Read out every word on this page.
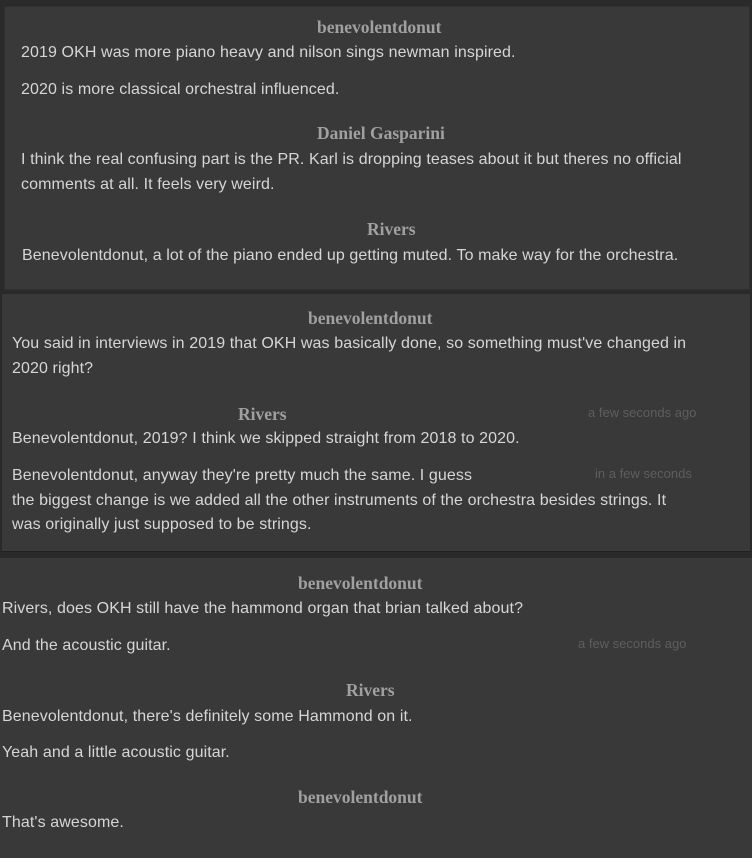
benevolentdonut
2019 OKH was more piano heavy and nilson sings newman inspired.
2020 is more classical orchestral influenced.
Daniel Gasparini
I think the real confusing part is the PR. Karl is dropping teases about it but theres no official
comments at all. It feels very weird.
Rivers
Benevolentdonut, a lot of the piano ended up getting muted. To make way for the orchestra.
benevolentdonut
You said in interviews in 2019 that OKH was basically done, so something must've changed in
2020 right?
Rivers	a few seconds ago
Benevolentdonut, 2019? I think we skipped straight from 2018 to 2020.
Benevolentdonut, anyway they're pretty much the same. I guess	in a few seconds
the biggest change is we added all the other instruments of the orchestra besides strings. It
was originally just supposed to be strings.
benevolentdonut
Rivers, does OKH still have the hammond organ that brian talked about?
And the acoustic guitar.	a few seconds ago
Rivers
Benevolentdonut, there's definitely some Hammond on it.
Yeah and a little acoustic guitar.
benevolentdonut
That's awesome.
